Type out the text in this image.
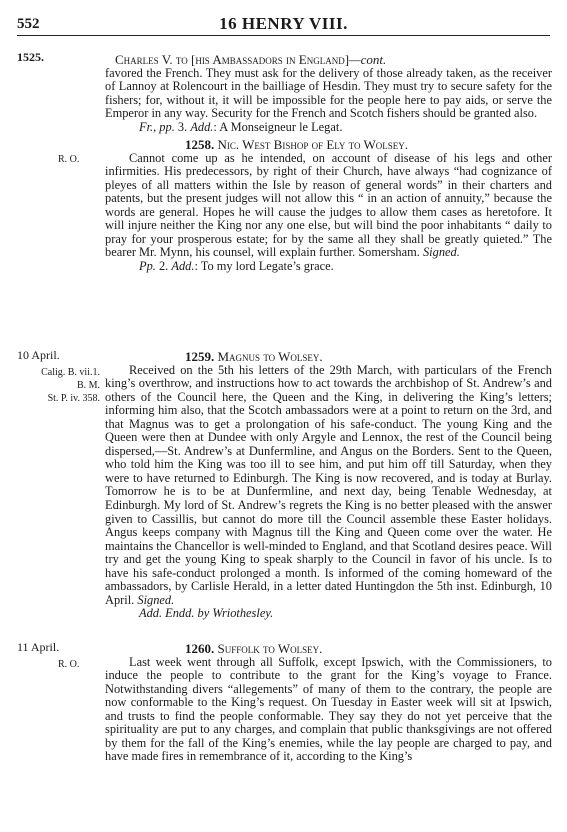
552	16 HENRY VIII.
1525.	Charles V. to [his Ambassadors in England]—cont.

favored the French. They must ask for the delivery of those already taken, as the receiver of Lannoy at Rolencourt in the bailliage of Hesdin. They must try to secure safety for the fishers; for, without it, it will be impossible for the people here to pay aids, or serve the Emperor in any way. Security for the French and Scotch fishers should be granted also.

Fr., pp. 3. Add.: A Monseigneur le Legat.

R. O.

1258. Nic. West Bishop of Ely to Wolsey.

Cannot come up as he intended, on account of disease of his legs and other infirmities. His predecessors, by right of their Church, have always “had cognizance of pleyes of all matters within the Isle by reason of general words” in their charters and patents, but the present judges will not allow this “ in an action of annuity,” because the words are general. Hopes he will cause the judges to allow them cases as heretofore. It will injure neither the King nor any one else, but will bind the poor inhabitants “ daily to pray for your prosperous estate; for by the same all they shall be greatly quieted.” The bearer Mr. Mynn, his counsel, will explain further. Somersham. Signed.

Pp. 2. Add.: To my lord Legate’s grace.

10 April.
Calig. B. vii.1.
B. M.
St. P. iv. 358.

1259. Magnus to Wolsey.

Received on the 5th his letters of the 29th March, with particulars of the French king’s overthrow, and instructions how to act towards the archbishop of St. Andrew’s and others of the Council here, the Queen and the King, in delivering the King’s letters; informing him also, that the Scotch ambassadors were at a point to return on the 3rd, and that Magnus was to get a prolongation of his safe-conduct. The young King and the Queen were then at Dundee with only Argyle and Lennox, the rest of the Council being dispersed,—St. Andrew’s at Dunfermline, and Angus on the Borders. Sent to the Queen, who told him the King was too ill to see him, and put him off till Saturday, when they were to have returned to Edinburgh. The King is now recovered, and is today at Burlay. Tomorrow he is to be at Dunfermline, and next day, being Tenable Wednesday, at Edinburgh. My lord of St. Andrew’s regrets the King is no better pleased with the answer given to Cassillis, but cannot do more till the Council assemble these Easter holidays. Angus keeps company with Magnus till the King and Queen come over the water. He maintains the Chancellor is well-minded to England, and that Scotland desires peace. Will try and get the young King to speak sharply to the Council in favor of his uncle. Is to have his safe-conduct prolonged a month. Is informed of the coming homeward of the ambassadors, by Carlisle Herald, in a letter dated Huntingdon the 5th inst. Edinburgh, 10 April. Signed.

Add. Endd. by Wriothesley.

11 April.
R. O.

1260. Suffolk to Wolsey.

Last week went through all Suffolk, except Ipswich, with the Commissioners, to induce the people to contribute to the grant for the King’s voyage to France. Notwithstanding divers “allegements” of many of them to the contrary, the people are now conformable to the King’s request. On Tuesday in Easter week will sit at Ipswich, and trusts to find the people conformable. They say they do not yet perceive that the spirituality are put to any charges, and complain that public thanksgivings are not offered by them for the fall of the King’s enemies, while the lay people are charged to pay, and have made fires in remembrance of it, according to the King’s
